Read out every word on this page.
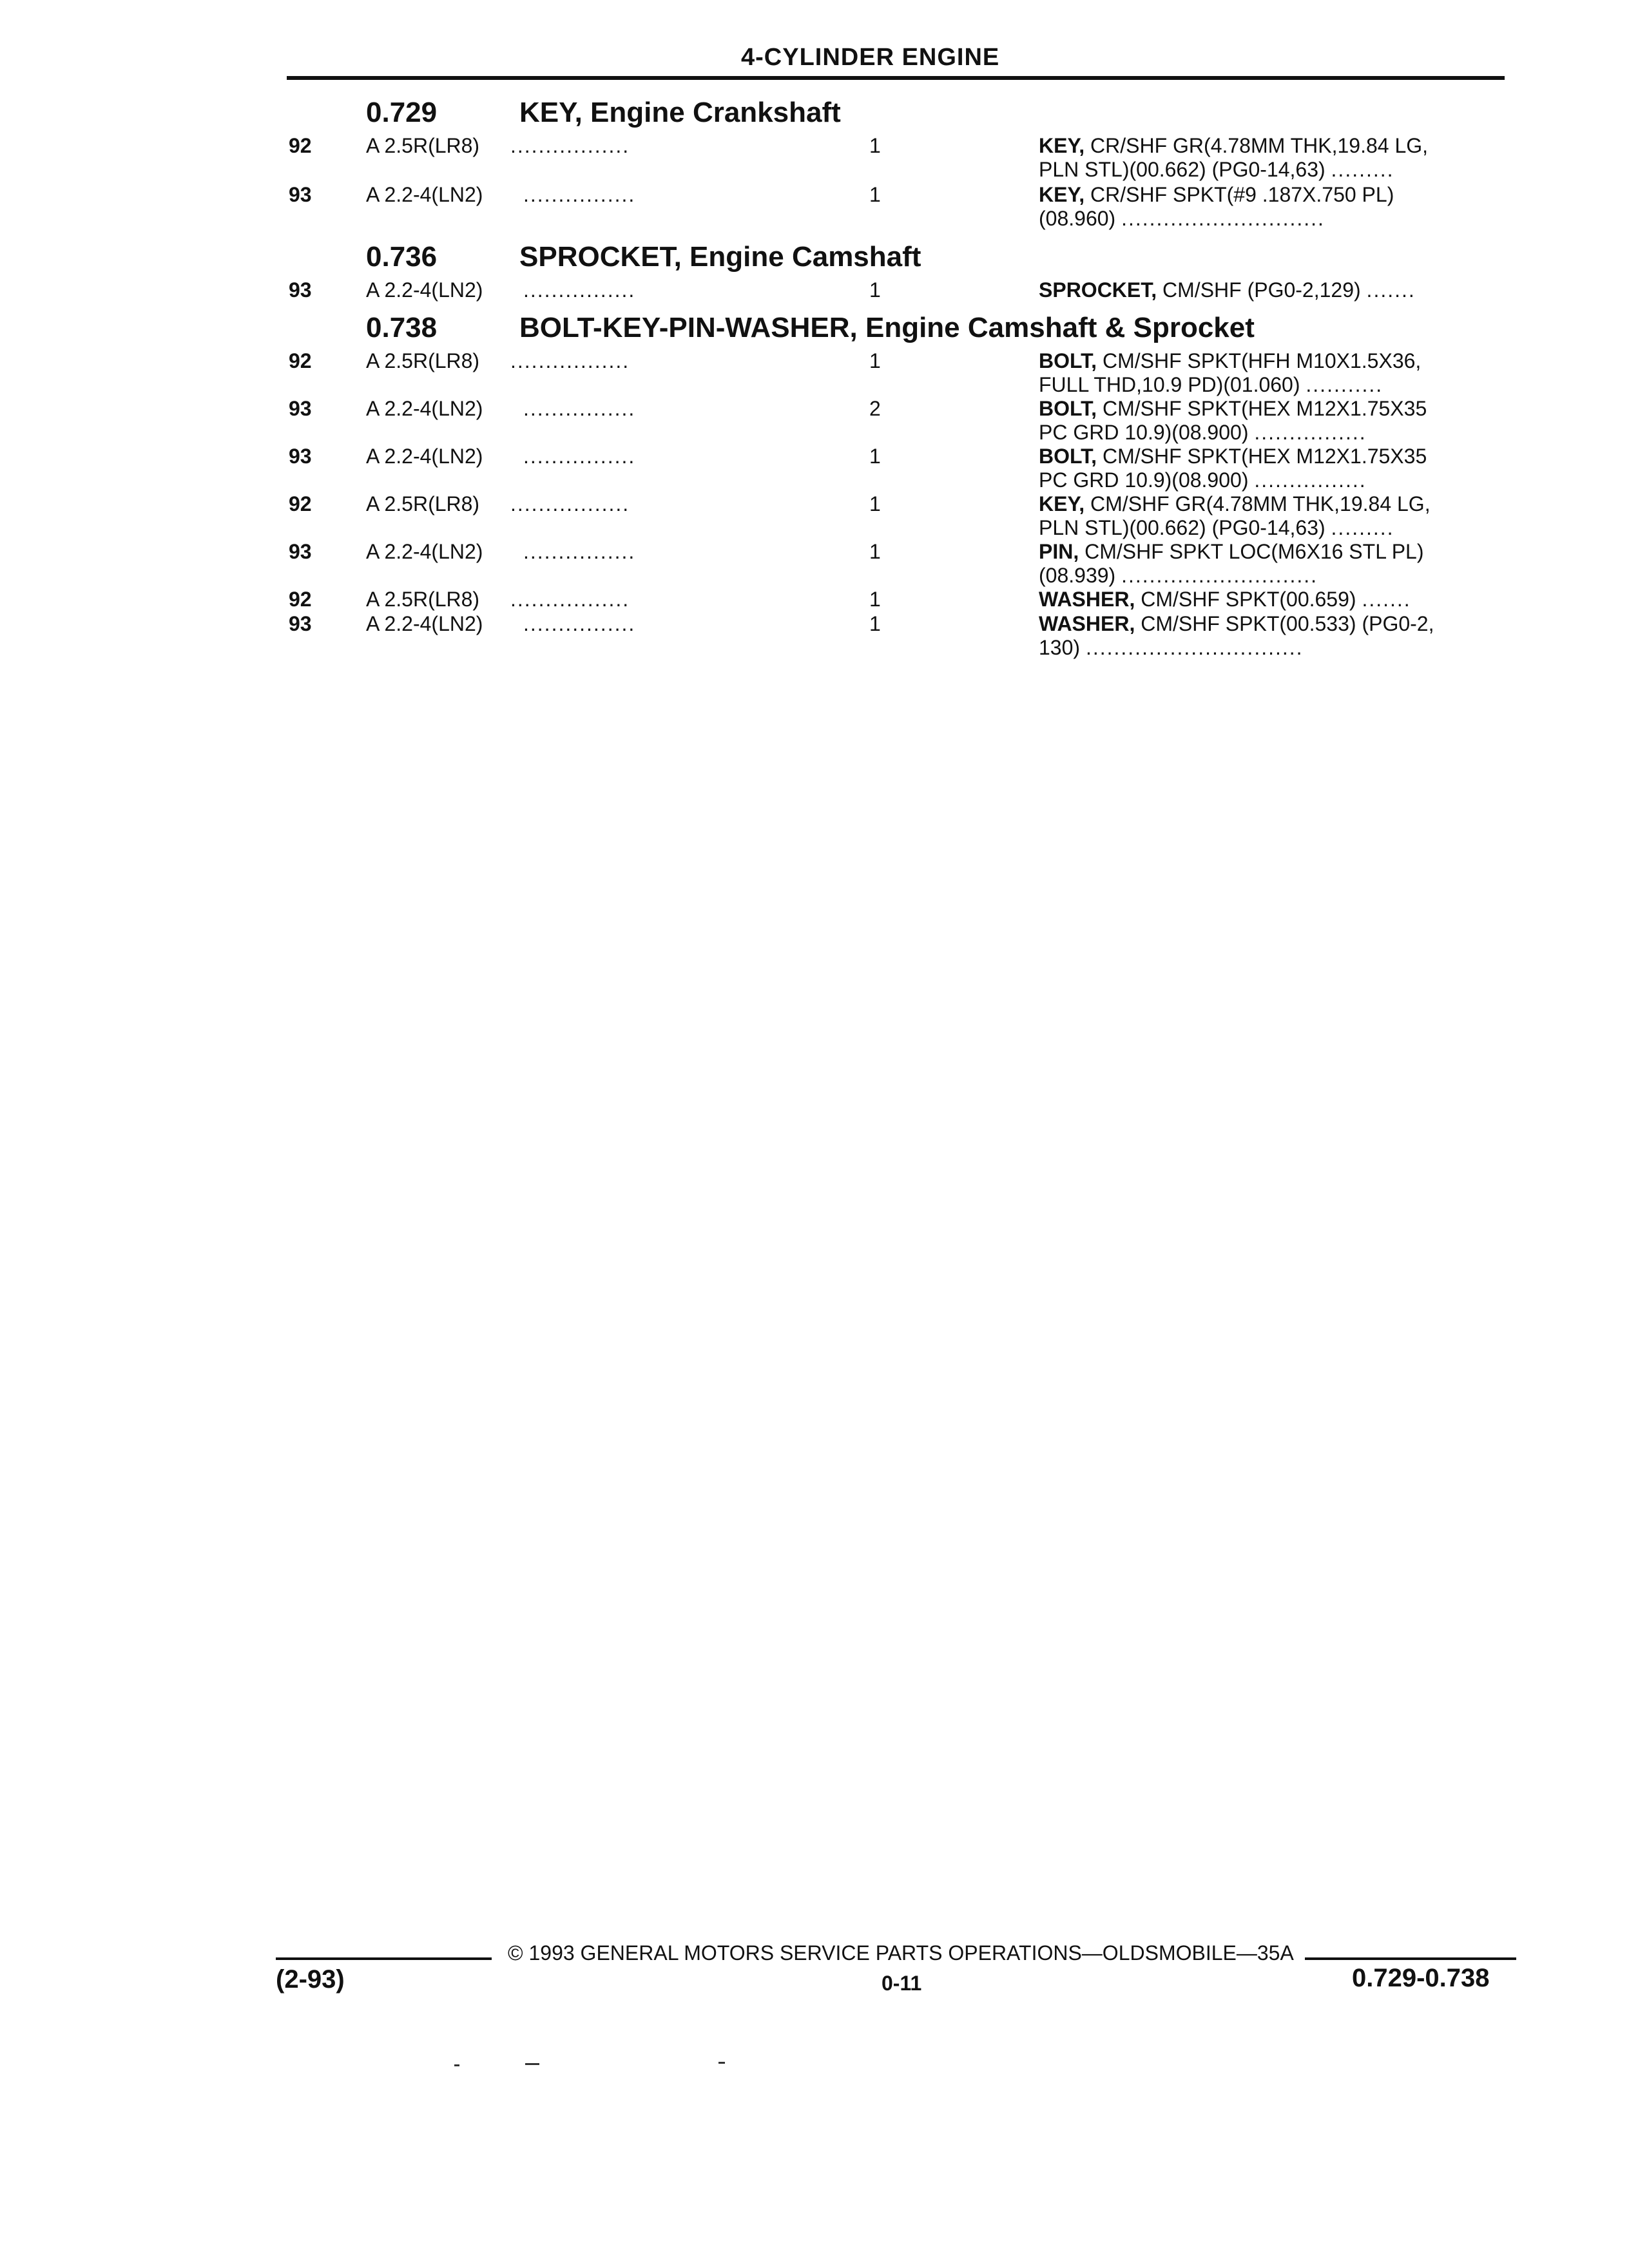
4-CYLINDER ENGINE
0.729	KEY, Engine Crankshaft
0.736	SPROCKET, Engine Camshaft
0.738	BOLT-KEY-PIN-WASHER, Engine Camshaft & Sprocket
92	A 2.5R(LR8) .................	1	KEY, CR/SHF GR(4.78MM THK,19.84 LG,
PLN STL)(00.662) (PG0-14,63) .........
93	A 2.2-4(LN2) ................	1	KEY, CR/SHF SPKT(#9 .187X.750 PL)
(08.960) .............................
93	A 2.2-4(LN2) ................	1	SPROCKET, CM/SHF (PG0-2,129) .......
92	A 2.5R(LR8) .................	1	BOLT, CM/SHF SPKT(HFH M10X1.5X36,
FULL THD,10.9 PD)(01.060) ...........
93	A 2.2-4(LN2) ................	2	BOLT, CM/SHF SPKT(HEX M12X1.75X35
PC GRD 10.9)(08.900) ................
93	A 2.2-4(LN2) ................	1	BOLT, CM/SHF SPKT(HEX M12X1.75X35
PC GRD 10.9)(08.900) ................
92	A 2.5R(LR8) .................	1	KEY, CM/SHF GR(4.78MM THK,19.84 LG,
PLN STL)(00.662) (PG0-14,63) .........
93	A 2.2-4(LN2) ................	1	PIN, CM/SHF SPKT LOC(M6X16 STL PL)
(08.939) ............................
92	A 2.5R(LR8) .................	1	WASHER, CM/SHF SPKT(00.659) .......
93	A 2.2-4(LN2) ................	1	WASHER, CM/SHF SPKT(00.533) (PG0-2,
130) ...............................
© 1993 GENERAL MOTORS SERVICE PARTS OPERATIONS—OLDSMOBILE—35A
(2-93)	0-11	0.729-0.738
